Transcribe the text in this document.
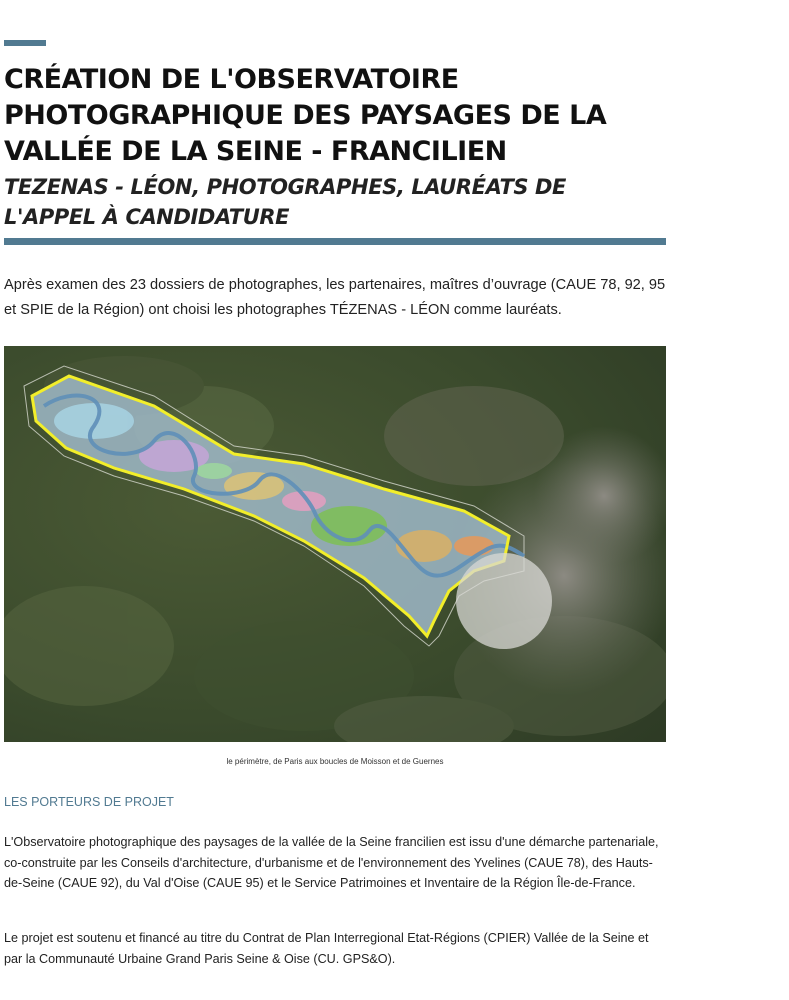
CRÉATION DE L'OBSERVATOIRE PHOTOGRAPHIQUE DES PAYSAGES DE LA VALLÉE DE LA SEINE - FRANCILIEN
TEZENAS - LÉON, PHOTOGRAPHES, LAURÉATS DE L'APPEL À CANDIDATURE

Après examen des 23 dossiers de photographes, les partenaires, maîtres d’ouvrage (CAUE 78, 92, 95 et SPIE de la Région) ont choisi les photographes TÉZENAS - LÉON comme lauréats.

le périmètre, de Paris aux boucles de Moisson et de Guernes
LES PORTEURS DE PROJET

L'Observatoire photographique des paysages de la vallée de la Seine francilien est issu d'une démarche partenariale, co-construite par les Conseils d'architecture, d'urbanisme et de l'environnement des Yvelines (CAUE 78), des Hauts-de-Seine (CAUE 92), du Val d'Oise (CAUE 95) et le Service Patrimoines et Inventaire de la Région Île-de-France.

Le projet est soutenu et financé au titre du Contrat de Plan Interregional Etat-Régions (CPIER) Vallée de la Seine et par la Communauté Urbaine Grand Paris Seine & Oise (CU. GPS&O).
